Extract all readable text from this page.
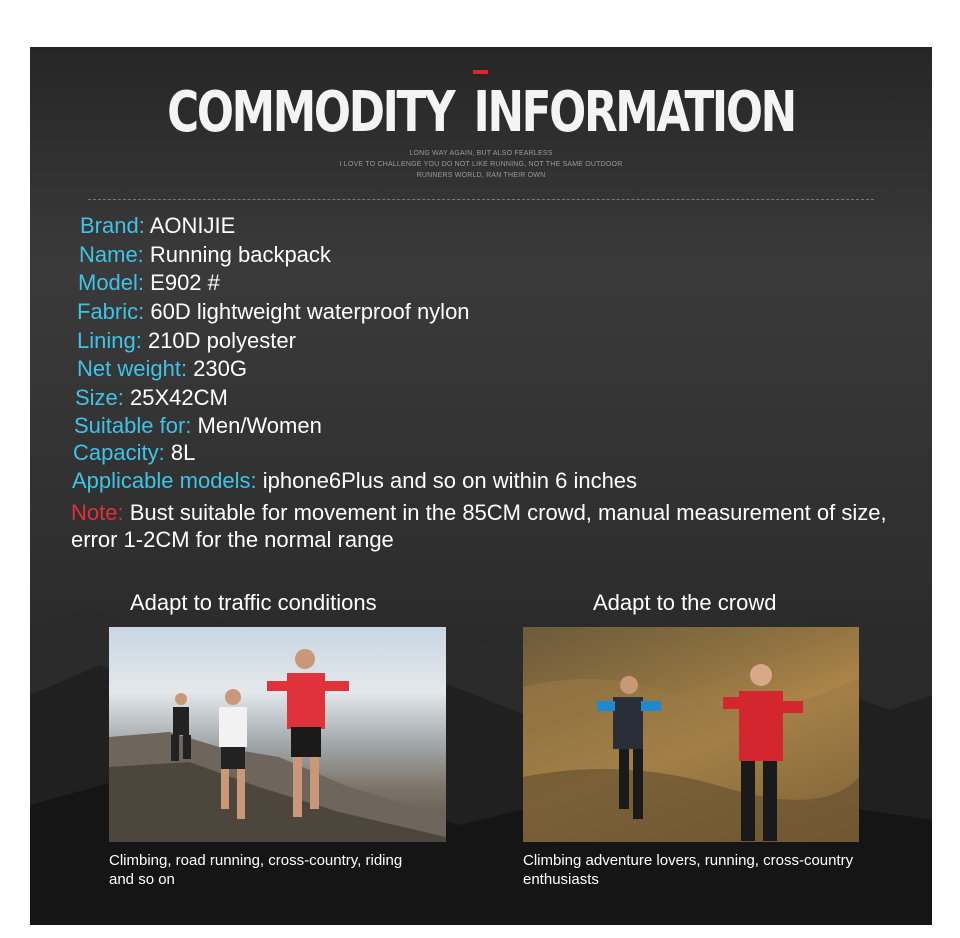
COMMODITY INFORMATION
LONG WAY AGAIN, BUT ALSO FEARLESS
I LOVE TO CHALLENGE YOU DO NOT LIKE RUNNING, NOT THE SAME OUTDOOR
RUNNERS WORLD, RAN THEIR OWN
Brand: AONIJIE
Name: Running backpack
Model: E902 #
Fabric: 60D lightweight waterproof nylon
Lining: 210D polyester
Net weight: 230G
Size: 25X42CM
Suitable for: Men/Women
Capacity: 8L
Applicable models: iphone6Plus and so on within 6 inches
Note: Bust suitable for movement in the 85CM crowd, manual measurement of size, error 1-2CM for the normal range
Adapt to traffic conditions	Adapt to the crowd
Climbing, road running, cross-country, riding and so on
Climbing adventure lovers, running, cross-country enthusiasts
